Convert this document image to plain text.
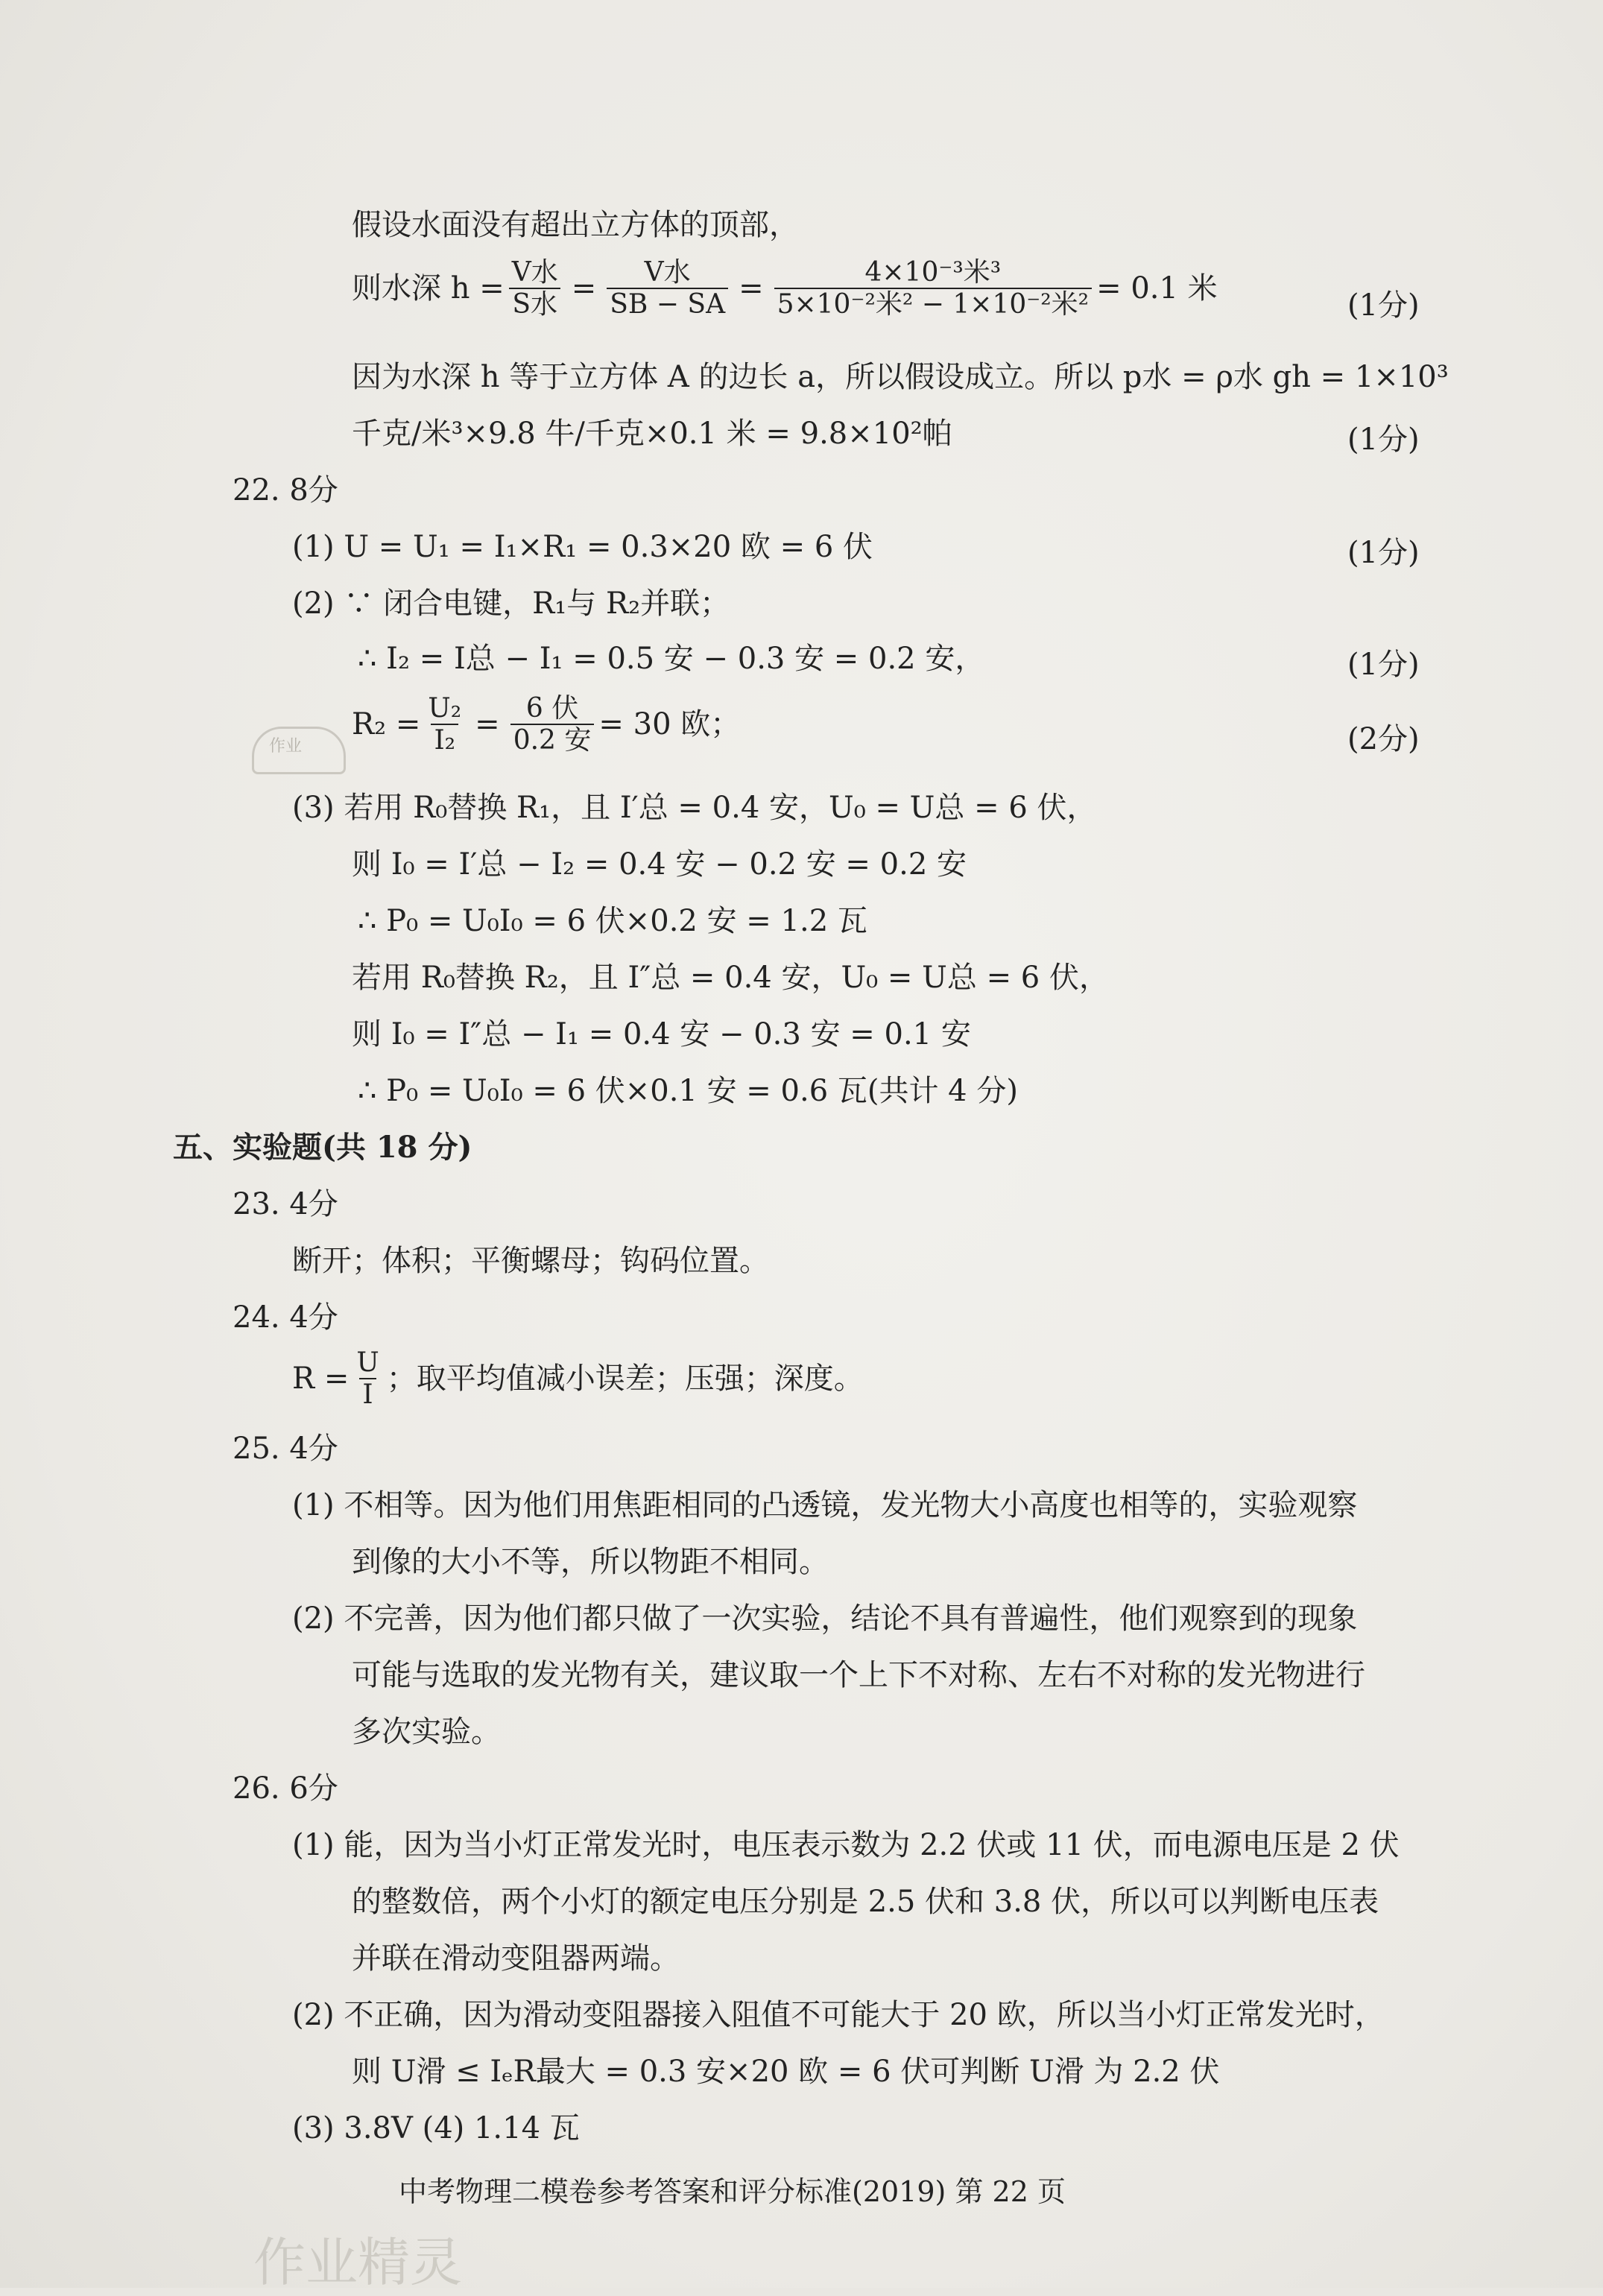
假设水面没有超出立方体的顶部，
则水深 $h = \frac{\text{V水}}{\text{S水}} = \frac{\text{V水}}{SB - SA} = \frac{\text{4×10⁻³米³}}{\text{5×10⁻²米² − 1×10⁻²米²}} = 0.1$ 米	(1分)
因为水深 h 等于立方体 A 的边长 a，所以假设成立。所以 p水 = ρ水 gh = 1×10³
千克/米³×9.8 牛/千克×0.1 米 = 9.8×10²帕	(1分)
22. 8分
(1) U = U₁ = I₁×R₁ = 0.3×20 欧 = 6 伏	(1分)
(2) ∵ 闭合电键，R₁与 R₂并联；
∴ I₂ = I总 − I₁ = 0.5 安 − 0.3 安 = 0.2 安，	(1分)
$R_2 = \frac{\text{U₂}}{\text{I₂}} = \frac{\text{6 伏}}{\text{0.2 安}} = 30$ 欧；	(2分)
作业
(3) 若用 R₀替换 R₁，且 I′总 = 0.4 安，U₀ = U总 = 6 伏，
则 I₀ = I′总 − I₂ = 0.4 安 − 0.2 安 = 0.2 安
∴ P₀ = U₀I₀ = 6 伏×0.2 安 = 1.2 瓦
若用 R₀替换 R₂，且 I″总 = 0.4 安，U₀ = U总 = 6 伏，
则 I₀ = I″总 − I₁ = 0.4 安 − 0.3 安 = 0.1 安
∴ P₀ = U₀I₀ = 6 伏×0.1 安 = 0.6 瓦(共计 4 分)
五、实验题(共 18 分)
23. 4分
断开；体积；平衡螺母；钩码位置。
24. 4分
$R = \frac{U}{I}$ ；取平均值减小误差；压强；深度。
25. 4分
(1) 不相等。因为他们用焦距相同的凸透镜，发光物大小高度也相等的，实验观察
到像的大小不等，所以物距不相同。
(2) 不完善，因为他们都只做了一次实验，结论不具有普遍性，他们观察到的现象
可能与选取的发光物有关，建议取一个上下不对称、左右不对称的发光物进行
多次实验。
26. 6分
(1) 能，因为当小灯正常发光时，电压表示数为 2.2 伏或 11 伏，而电源电压是 2 伏
的整数倍，两个小灯的额定电压分别是 2.5 伏和 3.8 伏，所以可以判断电压表
并联在滑动变阻器两端。
(2) 不正确，因为滑动变阻器接入阻值不可能大于 20 欧，所以当小灯正常发光时，
则 U滑 ≤ IₑR最大 = 0.3 安×20 欧 = 6 伏可判断 U滑 为 2.2 伏
(3) 3.8V (4) 1.14 瓦
中考物理二模卷参考答案和评分标准(2019) 第 22 页
作业精灵
